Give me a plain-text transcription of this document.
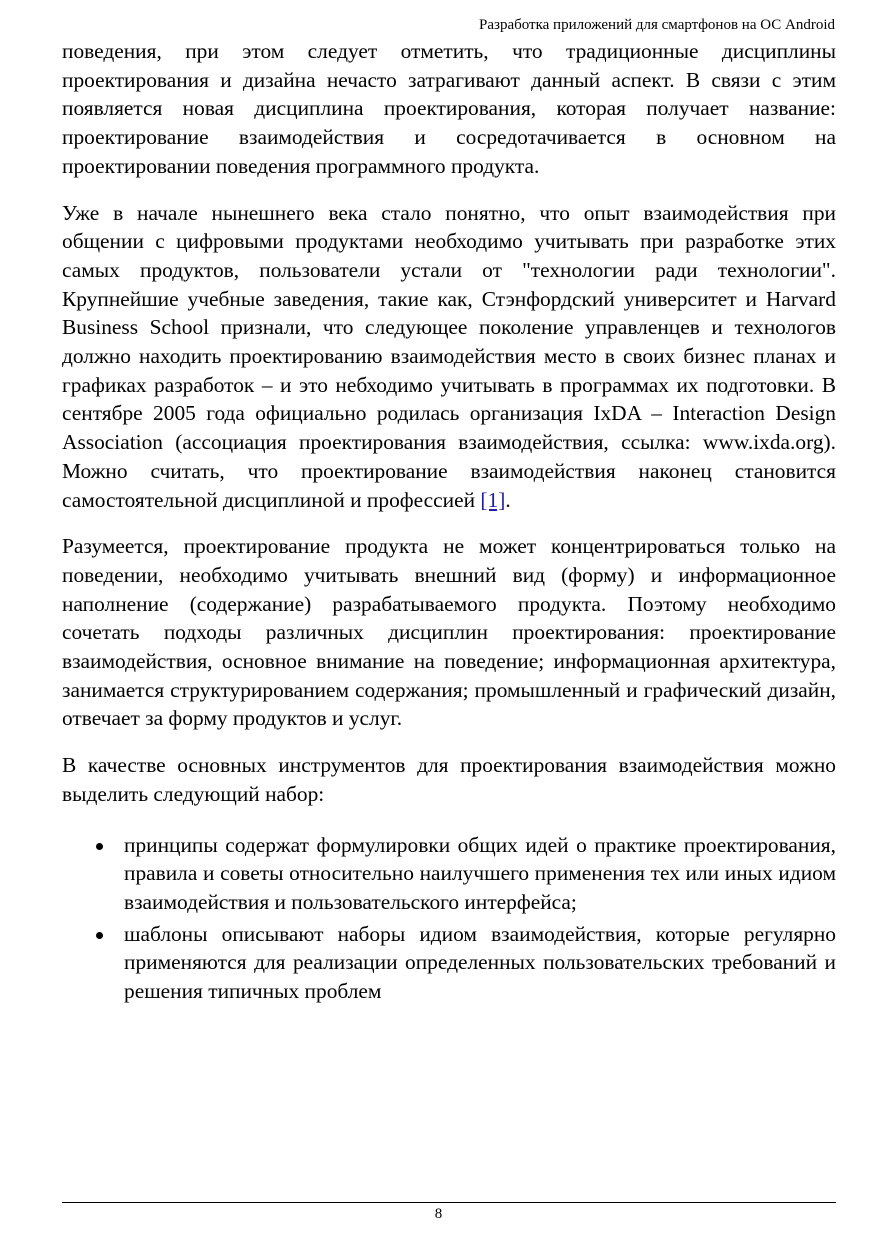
Разработка приложений для смартфонов на ОС Android

поведения, при этом следует отметить, что традиционные дисциплины проектирования и дизайна нечасто затрагивают данный аспект. В связи с этим появляется новая дисциплина проектирования, которая получает название: проектирование взаимодействия и сосредотачивается в основном на проектировании поведения программного продукта.

Уже в начале нынешнего века стало понятно, что опыт взаимодействия при общении с цифровыми продуктами необходимо учитывать при разработке этих самых продуктов, пользователи устали от "технологии ради технологии". Крупнейшие учебные заведения, такие как, Стэнфордский университет и Harvard Business School признали, что следующее поколение управленцев и технологов должно находить проектированию взаимодействия место в своих бизнес планах и графиках разработок – и это небходимо учитывать в программах их подготовки. В сентябре 2005 года официально родилась организация IxDA – Interaction Design Association (ассоциация проектирования взаимодействия, ссылка: www.ixda.org). Можно считать, что проектирование взаимодействия наконец становится самостоятельной дисциплиной и профессией [1].

Разумеется, проектирование продукта не может концентрироваться только на поведении, необходимо учитывать внешний вид (форму) и информационное наполнение (содержание) разрабатываемого продукта. Поэтому необходимо сочетать подходы различных дисциплин проектирования: проектирование взаимодействия, основное внимание на поведение; информационная архитектура, занимается структурированием содержания; промышленный и графический дизайн, отвечает за форму продуктов и услуг.

В качестве основных инструментов для проектирования взаимодействия можно выделить следующий набор:

принципы содержат формулировки общих идей о практике проектирования, правила и советы относительно наилучшего применения тех или иных идиом взаимодействия и пользовательского интерфейса;
шаблоны описывают наборы идиом взаимодействия, которые регулярно применяются для реализации определенных пользовательских требований и решения типичных проблем
8
